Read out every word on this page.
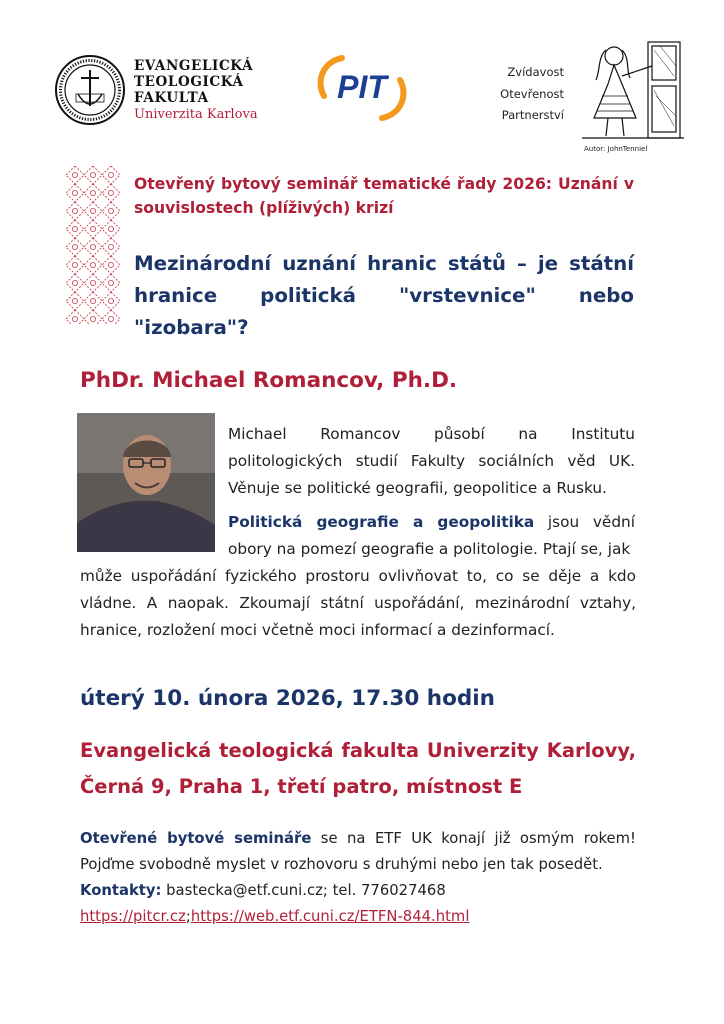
EVANGELICKÁ
TEOLOGICKÁ
FAKULTA
Univerzita Karlova
PIT	Zvídavost
Otevřenost
Partnerství
Autor: JohnTenniel
Otevřený bytový seminář tematické řady 2026: Uznání v souvislostech (plíživých) krizí
Mezinárodní uznání hranic států – je státní hranice politická "vrstevnice" nebo "izobara"?
PhDr. Michael Romancov, Ph.D.
Michael Romancov působí na Institutu politologických studií Fakulty sociálních věd UK. Věnuje se politické geografii, geopolitice a Rusku.
Politická geografie a geopolitika jsou vědní obory na pomezí geografie a politologie. Ptají se, jak
může uspořádání fyzického prostoru ovlivňovat to, co se děje a kdo vládne. A naopak. Zkoumají státní uspořádání, mezinárodní vztahy, hranice, rozložení moci včetně moci informací a dezinformací.
úterý 10. února 2026, 17.30 hodin
Evangelická teologická fakulta Univerzity Karlovy, Černá 9, Praha 1, třetí patro, místnost E
Otevřené bytové semináře se na ETF UK konají již osmým rokem! Pojďme svobodně myslet v rozhovoru s druhými nebo jen tak posedět.
Kontakty: bastecka@etf.cuni.cz; tel. 776027468
https://pitcr.cz;https://web.etf.cuni.cz/ETFN-844.html
